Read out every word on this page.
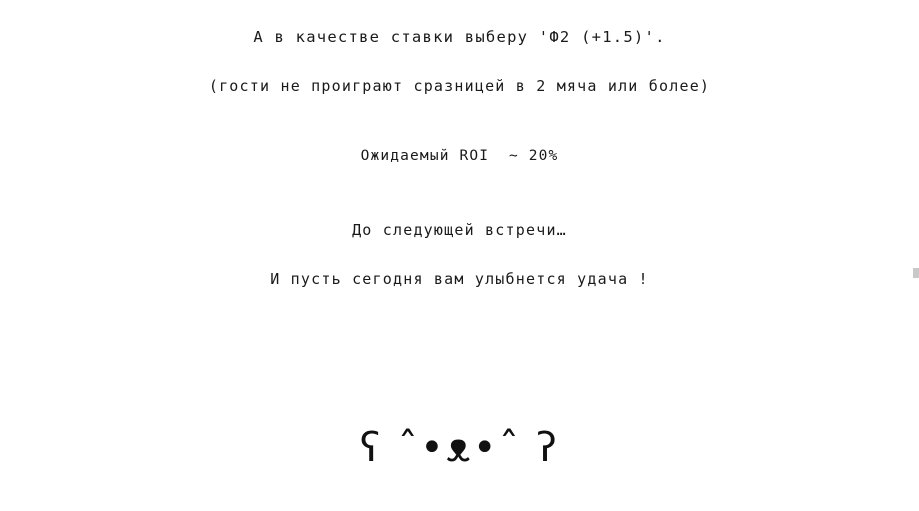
А в качестве ставки выберу 'Ф2 (+1.5)'.
(гости не проиграют сразницей в 2 мяча или более)
Ожидаемый ROI  ~ 20%
До следующей встречи…
И пусть сегодня вам улыбнется удача !
ʕ ˆ•ᴥ•ˆ ʔ
